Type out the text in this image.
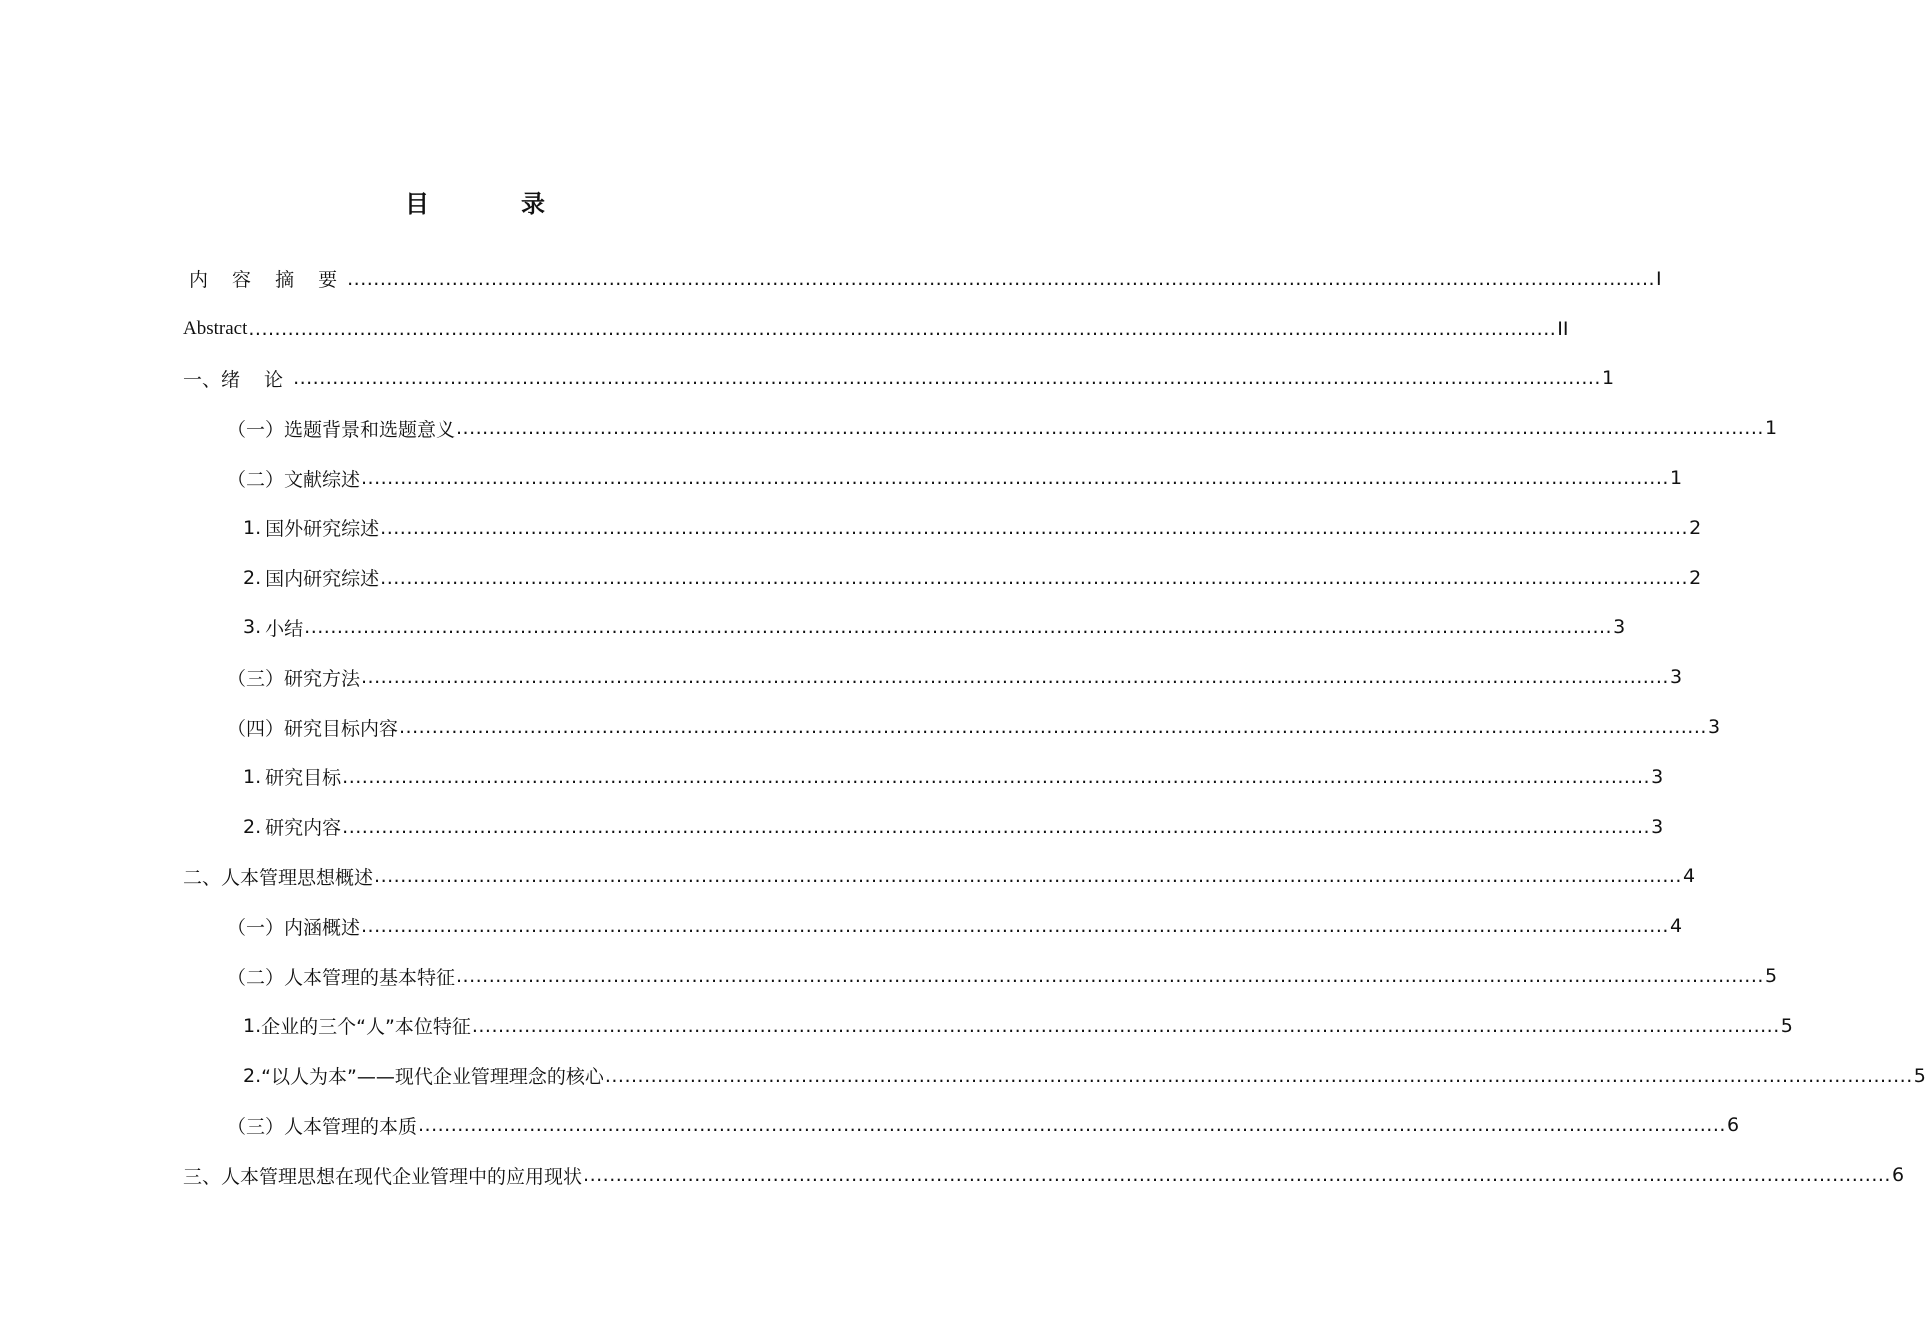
目　录
内 容 摘 要 ........................................................................................................................................................................................................ I
Abstract ........................................................................................................................................................................................................ II
一、 绪 论 ........................................................................................................................................................................................................ 1
（一）选题背景和选题意义 ........................................................................................................................................................................................................ 1
（二）文献综述 ........................................................................................................................................................................................................ 1
1. 国外研究综述 ........................................................................................................................................................................................................ 2
2. 国内研究综述 ........................................................................................................................................................................................................ 2
3. 小结 ........................................................................................................................................................................................................ 3
（三）研究方法 ........................................................................................................................................................................................................ 3
（四）研究目标内容 ........................................................................................................................................................................................................ 3
1. 研究目标 ........................................................................................................................................................................................................ 3
2. 研究内容 ........................................................................................................................................................................................................ 3
二、 人本管理思想概述 ........................................................................................................................................................................................................ 4
（一）内涵概述 ........................................................................................................................................................................................................ 4
（二）人本管理的基本特征 ........................................................................................................................................................................................................ 5
1. 企业的三个“人”本位特征 ........................................................................................................................................................................................................ 5
2. “以人为本”——现代企业管理理念的核心 ........................................................................................................................................................................................................ 5
（三）人本管理的本质 ........................................................................................................................................................................................................ 6
三、 人本管理思想在现代企业管理中的应用现状 ........................................................................................................................................................................................................ 6
